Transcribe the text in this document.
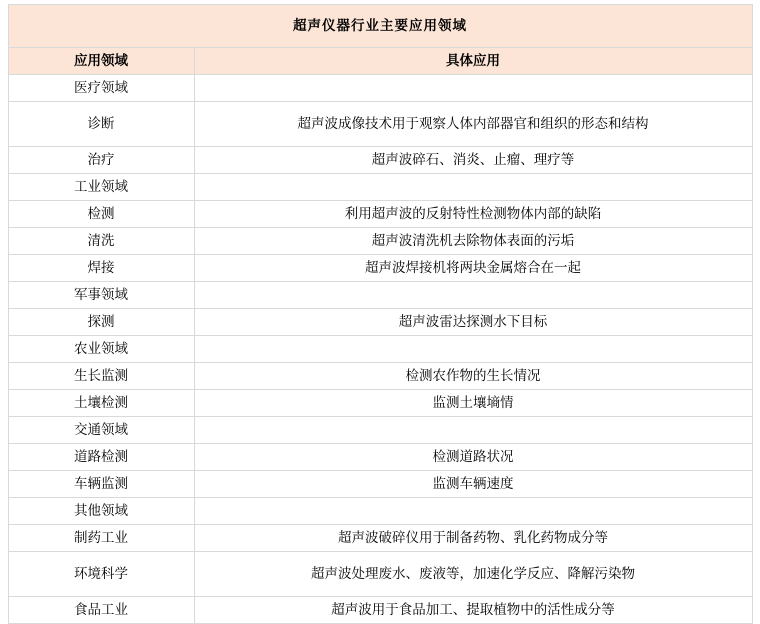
超声仪器行业主要应用领域	
应用领域	具体应用
医疗领域	
诊断	超声波成像技术用于观察人体内部器官和组织的形态和结构
治疗	超声波碎石、消炎、止瘤、理疗等
工业领域	
检测	利用超声波的反射特性检测物体内部的缺陷
清洗	超声波清洗机去除物体表面的污垢
焊接	超声波焊接机将两块金属熔合在一起
军事领域	
探测	超声波雷达探测水下目标
农业领域	
生长监测	检测农作物的生长情况
土壤检测	监测土壤墒情
交通领域	
道路检测	检测道路状况
车辆监测	监测车辆速度
其他领域	
制药工业	超声波破碎仪用于制备药物、乳化药物成分等
环境科学	超声波处理废水、废液等，加速化学反应、降解污染物
食品工业	超声波用于食品加工、提取植物中的活性成分等
